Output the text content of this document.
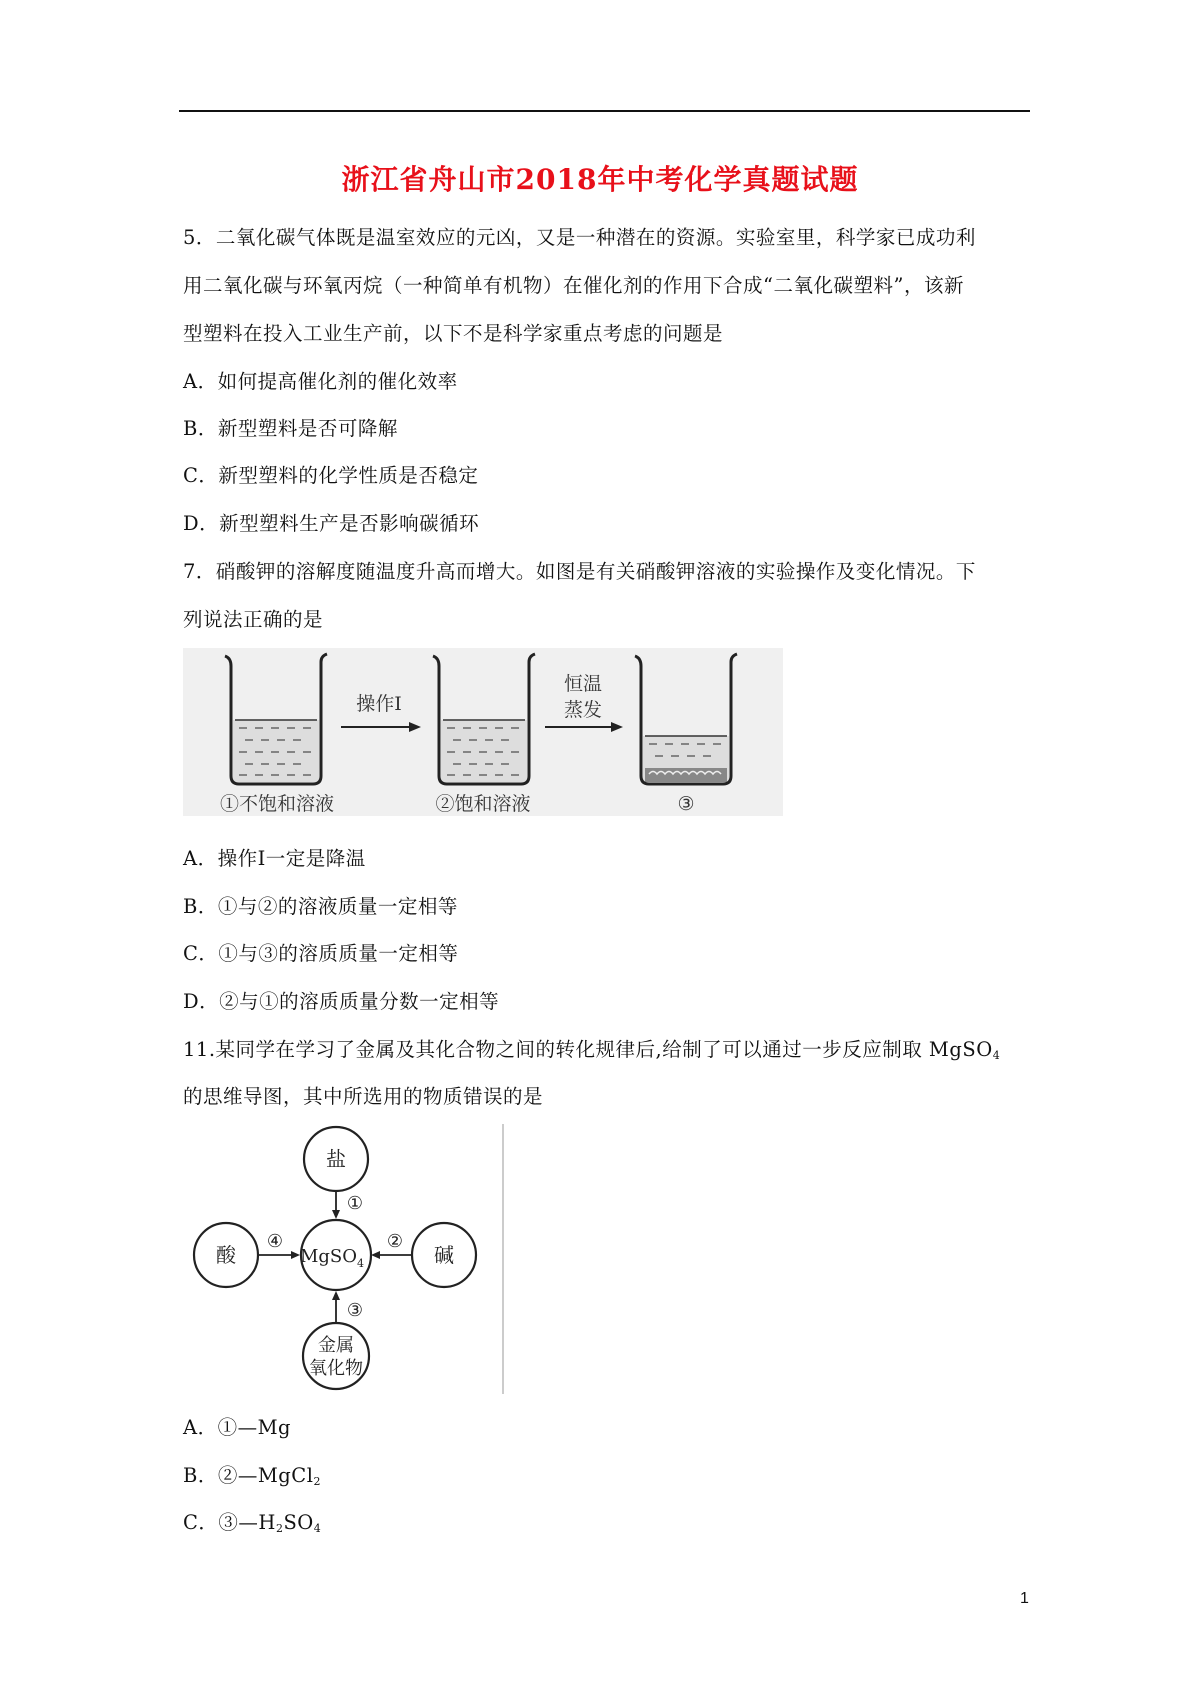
浙江省舟山市2018年中考化学真题试题
5．二氧化碳气体既是温室效应的元凶，又是一种潜在的资源。实验室里，科学家已成功利
用二氧化碳与环氧丙烷（一种简单有机物）在催化剂的作用下合成“二氧化碳塑料”，该新
型塑料在投入工业生产前，以下不是科学家重点考虑的问题是
A．如何提高催化剂的催化效率
B．新型塑料是否可降解
C．新型塑料的化学性质是否稳定
D．新型塑料生产是否影响碳循环
7．硝酸钾的溶解度随温度升高而增大。如图是有关硝酸钾溶液的实验操作及变化情况。下
列说法正确的是
操作Ⅰ
恒温
蒸发
①不饱和溶液	②饱和溶液	③
A．操作Ⅰ一定是降温
B．①与②的溶液质量一定相等
C．①与③的溶质质量一定相等
D．②与①的溶质质量分数一定相等
11.某同学在学习了金属及其化合物之间的转化规律后,给制了可以通过一步反应制取 MgSO$_4$
的思维导图，其中所选用的物质错误的是
盐
酸	碱
MgSO$_4$
金属
氧化物
①
④	②
③
A．①—Mg
B．②—MgCl$_2$
C．$③—H_2SO_4$
1
